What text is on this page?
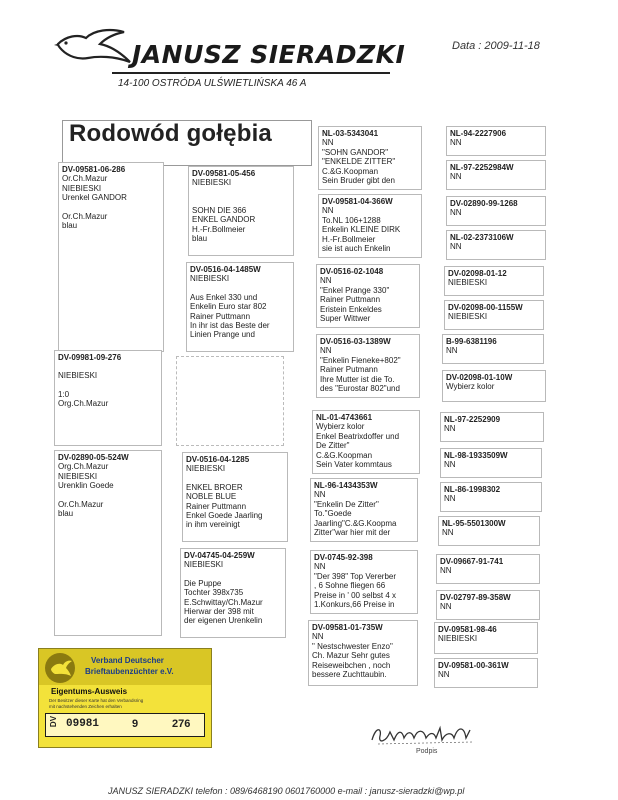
JANUSZ SIERADZKI
14-100 OSTRÓDA ULŚWIETLIŃSKA 46 A
Data : 2009-11-18
Rodowód gołębia
DV-09581-06-286
Or.Ch.Mazur
NIEBIESKI
Urenkel GANDOR
Or.Ch.Mazur
blau
DV-09981-09-276
NIEBIESKI
1:0
Org.Ch.Mazur
DV-02890-05-524W
Org.Ch.Mazur
NIEBIESKI
Urenklin Goede
Or.Ch.Mazur
blau
DV-09581-05-456
NIEBIESKI
SOHN DIE 366
ENKEL GANDOR
H.-Fr.Bollmeier
blau
DV-0516-04-1485W
NIEBIESKI
Aus Enkel 330 und
Enkelin Euro star 802
Rainer Puttmann
In ihr ist das Beste der
Linien Prange und
DV-0516-04-1285
NIEBIESKI
ENKEL BROER
NOBLE BLUE
Rainer Puttmann
Enkel Goede Jaarling
in ihm vereinigt
DV-04745-04-259W
NIEBIESKI
Die Puppe
Tochter 398x735
E.Schwittay/Ch.Mazur
Hierwar der 398 mit
der eigenen Urenkelin
NL-03-5343041
NN
"SOHN GANDOR"
"ENKELDE ZITTER"
C.&G.Koopman
Sein Bruder gibt den
DV-09581-04-366W
NN
To.NL 106+1288
Enkelin KLEINE DIRK
H.-Fr.Bollmeier
sie ist auch Enkelin
DV-0516-02-1048
NN
"Enkel Prange 330"
Rainer Puttmann
Eristein Enkeldes
Super Wittwer
DV-0516-03-1389W
NN
"Enkelin Fieneke+802"
Rainer Putmann
Ihre Mutter ist die To.
des "Eurostar 802"und
NL-01-4743661
Wybierz kolor
Enkel Beatrixdoffer und
De Zitter"
C.&G.Koopman
Sein Vater kommtaus
NL-96-1434353W
NN
"Enkelin De Zitter"
To."Goede
Jaarling"C.&G.Koopma
Zitter"war hier mit der
DV-0745-92-398
NN
"Der 398" Top Vererber
, 6 Sohne fliegen 66
Preise in ' 00 selbst 4 x
1.Konkurs,66 Preise in
DV-09581-01-735W
NN
" Nestschwester Enzo"
Ch. Mazur Sehr gutes
Reiseweibchen , noch
bessere Zuchttaubin.
NL-94-2227906
NN
NL-97-2252984W
NN
DV-02890-99-1268
NN
NL-02-2373106W
NN
DV-02098-01-12
NIEBIESKI
DV-02098-00-1155W
NIEBIESKI
B-99-6381196
NN
DV-02098-01-10W
Wybierz kolor
NL-97-2252909
NN
NL-98-1933509W
NN
NL-86-1998302
NN
NL-95-5501300W
NN
DV-09667-91-741
NN
DV-02797-89-358W
NN
DV-09581-98-46
NIEBIESKI
DV-09581-00-361W
NN
Verband Deutscher
Brieftaubenzüchter e.V.
Eigentums-Ausweis
Der Besitzer dieser Karte hat den Verbandsring
mit nachstehenden Zeichen erhalten
DV 09981	9	276
Podpis
JANUSZ SIERADZKI telefon : 089/6468190 0601760000 e-mail : janusz-sieradzki@wp.pl
